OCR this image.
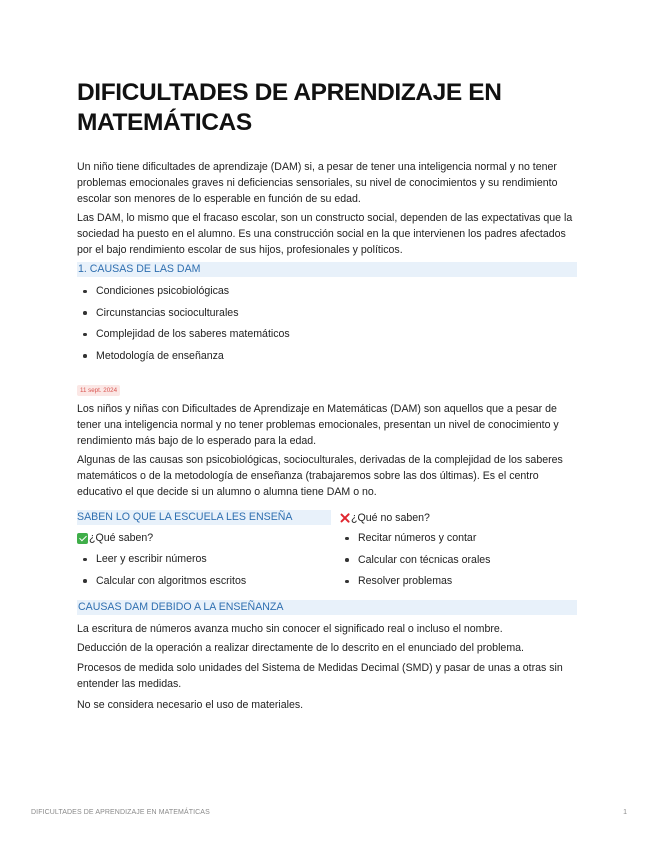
DIFICULTADES DE APRENDIZAJE EN MATEMÁTICAS

Un niño tiene dificultades de aprendizaje (DAM) si, a pesar de tener una inteligencia normal y no tener problemas emocionales graves ni deficiencias sensoriales, su nivel de conocimientos y su rendimiento escolar son menores de lo esperable en función de su edad.

Las DAM, lo mismo que el fracaso escolar, son un constructo social, dependen de las expectativas que la sociedad ha puesto en el alumno. Es una construcción social en la que intervienen los padres afectados por el bajo rendimiento escolar de sus hijos, profesionales y políticos.

1. CAUSAS DE LAS DAM
Condiciones psicobiológicas
Circunstancias socioculturales
Complejidad de los saberes matemáticos
Metodología de enseñanza
11 sept. 2024

Los niños y niñas con Dificultades de Aprendizaje en Matemáticas (DAM) son aquellos que a pesar de tener una inteligencia normal y no tener problemas emocionales, presentan un nivel de conocimiento y rendimiento más bajo de lo esperado para la edad.

Algunas de las causas son psicobiológicas, socioculturales, derivadas de la complejidad de los saberes matemáticos o de la metodología de enseñanza (trabajaremos sobre las dos últimas). Es el centro educativo el que decide si un alumno o alumna tiene DAM o no.

SABEN LO QUE LA ESCUELA LES ENSEÑA
¿Qué saben?
Leer y escribir números
Calcular con algoritmos escritos
¿Qué no saben?
Recitar números y contar
Calcular con técnicas orales
Resolver problemas
CAUSAS DAM DEBIDO A LA ENSEÑANZA

La escritura de números avanza mucho sin conocer el significado real o incluso el nombre.

Deducción de la operación a realizar directamente de lo descrito en el enunciado del problema.

Procesos de medida solo unidades del Sistema de Medidas Decimal (SMD) y pasar de unas a otras sin entender las medidas.

No se considera necesario el uso de materiales.

DIFICULTADES DE APRENDIZAJE EN MATEMÁTICAS	1
